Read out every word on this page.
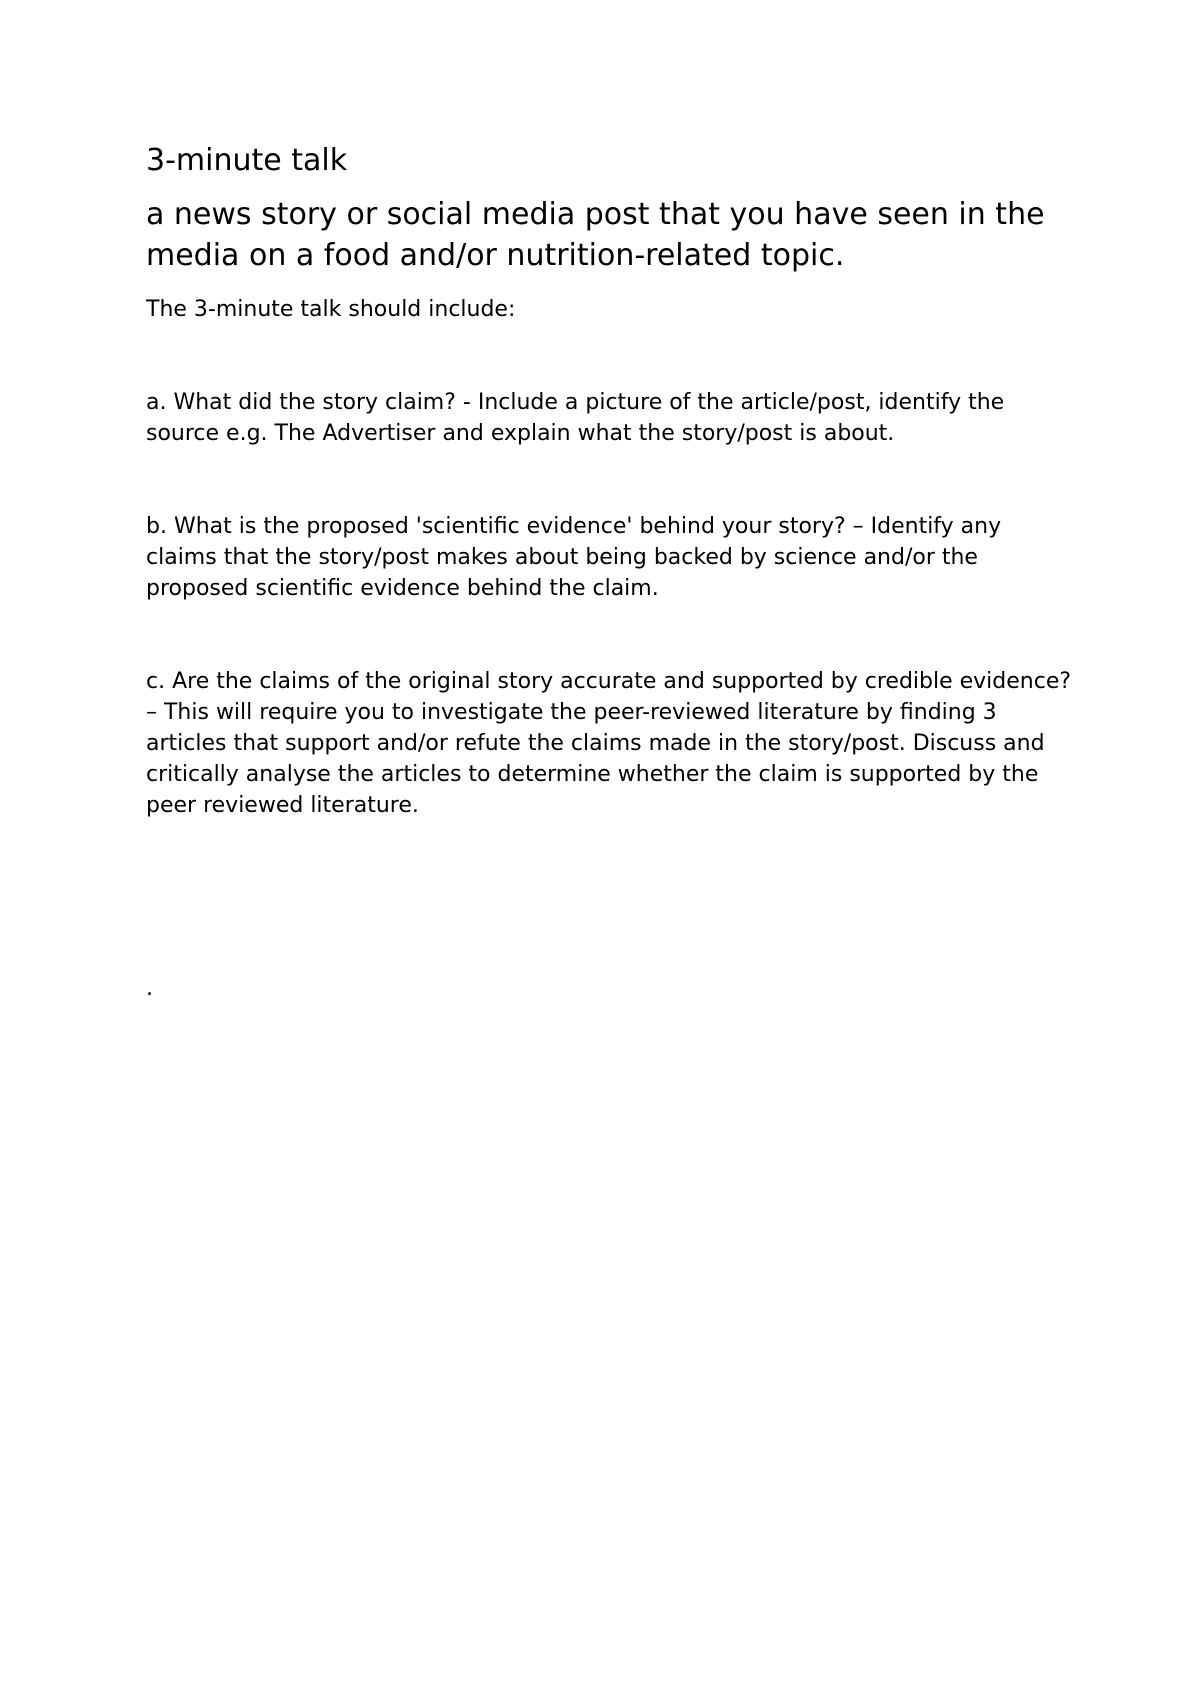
3-minute talk
a news story or social media post that you have seen in the media on a food and/or nutrition-related topic.
The 3-minute talk should include:
a. What did the story claim? - Include a picture of the article/post, identify the source e.g. The Advertiser and explain what the story/post is about.
b. What is the proposed 'scientific evidence' behind your story? – Identify any claims that the story/post makes about being backed by science and/or the proposed scientific evidence behind the claim.
c. Are the claims of the original story accurate and supported by credible evidence? – This will require you to investigate the peer-reviewed literature by finding 3 articles that support and/or refute the claims made in the story/post. Discuss and critically analyse the articles to determine whether the claim is supported by the peer reviewed literature.
.
